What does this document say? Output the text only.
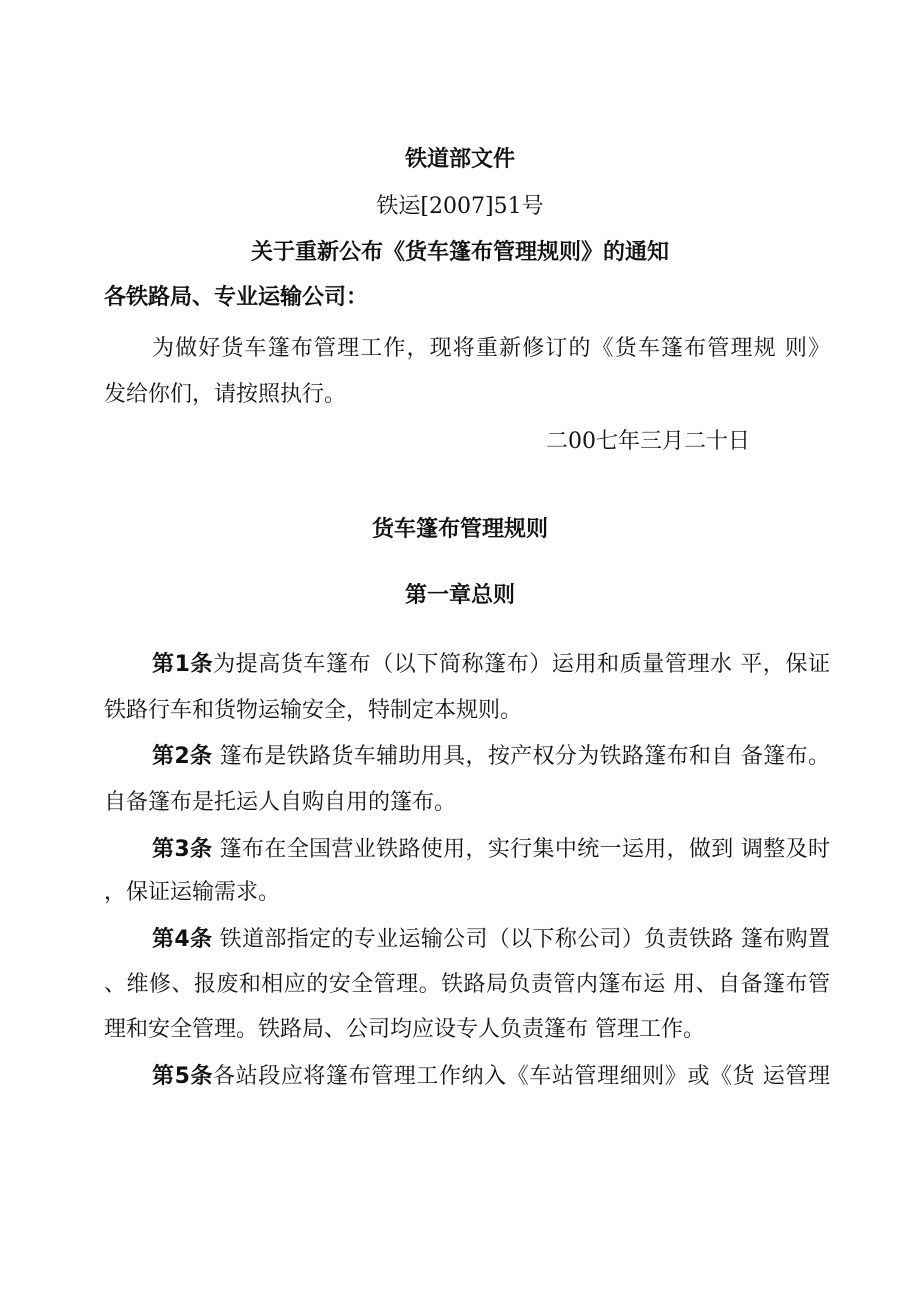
铁道部文件
铁运[2007]51号
关于重新公布《货车篷布管理规则》的通知
各铁路局、专业运输公司：
为做好货车篷布管理工作，现将重新修订的《货车篷布管理规 则》
发给你们，请按照执行。
二00七年三月二十日
货车篷布管理规则
第一章总则
第1条为提高货车篷布（以下简称篷布）运用和质量管理水 平，保证
铁路行车和货物运输安全，特制定本规则。
第2条 篷布是铁路货车辅助用具，按产权分为铁路篷布和自 备篷布。
自备篷布是托运人自购自用的篷布。
第3条 篷布在全国营业铁路使用，实行集中统一运用，做到 调整及时
，保证运输需求。
第4条 铁道部指定的专业运输公司（以下称公司）负责铁路 篷布购置
、维修、报废和相应的安全管理。铁路局负责管内篷布运 用、自备篷布管
理和安全管理。铁路局、公司均应设专人负责篷布 管理工作。
第5条各站段应将篷布管理工作纳入《车站管理细则》或《货 运管理
